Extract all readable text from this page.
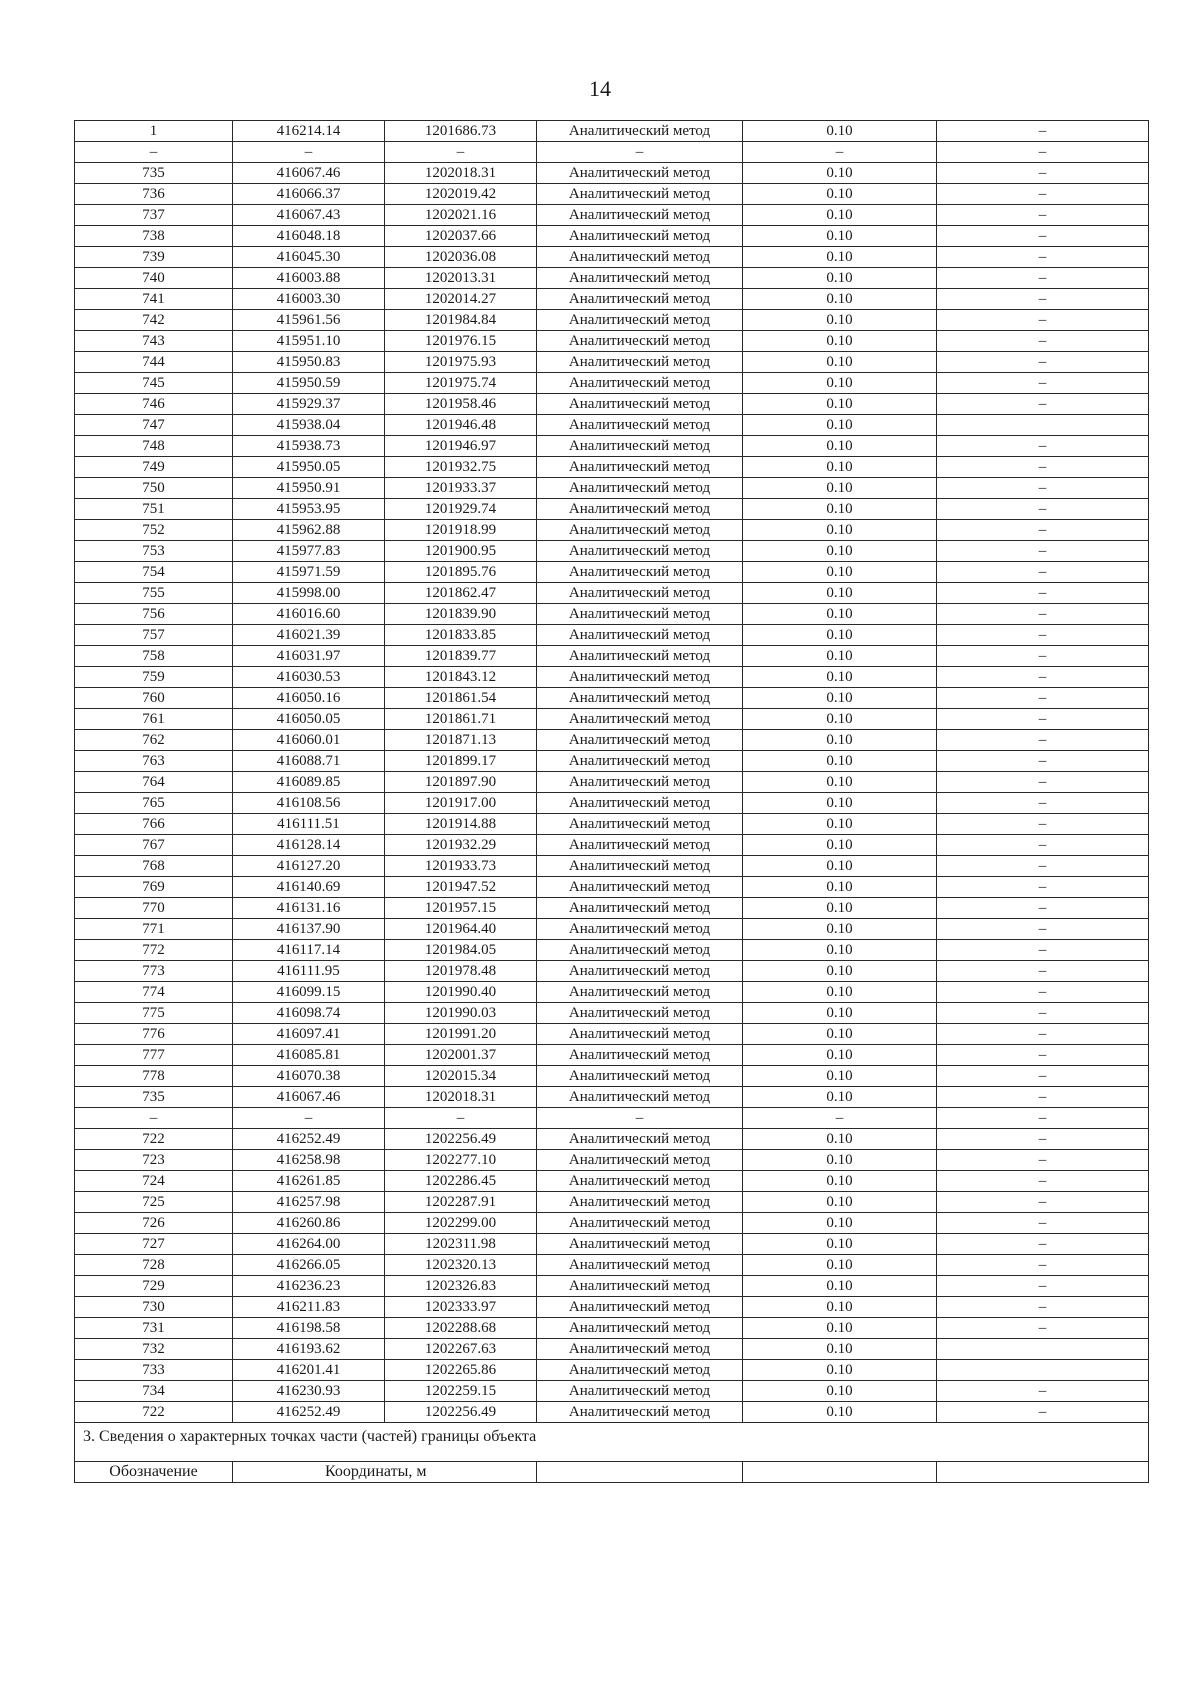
14
1	416214.14	1201686.73	Аналитический метод	0.10	–
–	–	–	–	–	–
735	416067.46	1202018.31	Аналитический метод	0.10	–
736	416066.37	1202019.42	Аналитический метод	0.10	–
737	416067.43	1202021.16	Аналитический метод	0.10	–
738	416048.18	1202037.66	Аналитический метод	0.10	–
739	416045.30	1202036.08	Аналитический метод	0.10	–
740	416003.88	1202013.31	Аналитический метод	0.10	–
741	416003.30	1202014.27	Аналитический метод	0.10	–
742	415961.56	1201984.84	Аналитический метод	0.10	–
743	415951.10	1201976.15	Аналитический метод	0.10	–
744	415950.83	1201975.93	Аналитический метод	0.10	–
745	415950.59	1201975.74	Аналитический метод	0.10	–
746	415929.37	1201958.46	Аналитический метод	0.10	–
747	415938.04	1201946.48	Аналитический метод	0.10	
748	415938.73	1201946.97	Аналитический метод	0.10	–
749	415950.05	1201932.75	Аналитический метод	0.10	–
750	415950.91	1201933.37	Аналитический метод	0.10	–
751	415953.95	1201929.74	Аналитический метод	0.10	–
752	415962.88	1201918.99	Аналитический метод	0.10	–
753	415977.83	1201900.95	Аналитический метод	0.10	–
754	415971.59	1201895.76	Аналитический метод	0.10	–
755	415998.00	1201862.47	Аналитический метод	0.10	–
756	416016.60	1201839.90	Аналитический метод	0.10	–
757	416021.39	1201833.85	Аналитический метод	0.10	–
758	416031.97	1201839.77	Аналитический метод	0.10	–
759	416030.53	1201843.12	Аналитический метод	0.10	–
760	416050.16	1201861.54	Аналитический метод	0.10	–
761	416050.05	1201861.71	Аналитический метод	0.10	–
762	416060.01	1201871.13	Аналитический метод	0.10	–
763	416088.71	1201899.17	Аналитический метод	0.10	–
764	416089.85	1201897.90	Аналитический метод	0.10	–
765	416108.56	1201917.00	Аналитический метод	0.10	–
766	416111.51	1201914.88	Аналитический метод	0.10	–
767	416128.14	1201932.29	Аналитический метод	0.10	–
768	416127.20	1201933.73	Аналитический метод	0.10	–
769	416140.69	1201947.52	Аналитический метод	0.10	–
770	416131.16	1201957.15	Аналитический метод	0.10	–
771	416137.90	1201964.40	Аналитический метод	0.10	–
772	416117.14	1201984.05	Аналитический метод	0.10	–
773	416111.95	1201978.48	Аналитический метод	0.10	–
774	416099.15	1201990.40	Аналитический метод	0.10	–
775	416098.74	1201990.03	Аналитический метод	0.10	–
776	416097.41	1201991.20	Аналитический метод	0.10	–
777	416085.81	1202001.37	Аналитический метод	0.10	–
778	416070.38	1202015.34	Аналитический метод	0.10	–
735	416067.46	1202018.31	Аналитический метод	0.10	–
–	–	–	–	–	–
722	416252.49	1202256.49	Аналитический метод	0.10	–
723	416258.98	1202277.10	Аналитический метод	0.10	–
724	416261.85	1202286.45	Аналитический метод	0.10	–
725	416257.98	1202287.91	Аналитический метод	0.10	–
726	416260.86	1202299.00	Аналитический метод	0.10	–
727	416264.00	1202311.98	Аналитический метод	0.10	–
728	416266.05	1202320.13	Аналитический метод	0.10	–
729	416236.23	1202326.83	Аналитический метод	0.10	–
730	416211.83	1202333.97	Аналитический метод	0.10	–
731	416198.58	1202288.68	Аналитический метод	0.10	–
732	416193.62	1202267.63	Аналитический метод	0.10	
733	416201.41	1202265.86	Аналитический метод	0.10	
734	416230.93	1202259.15	Аналитический метод	0.10	–
722	416252.49	1202256.49	Аналитический метод	0.10	–
3. Сведения о характерных точках части (частей) границы объекта					
Обозначение	Координаты, м				
